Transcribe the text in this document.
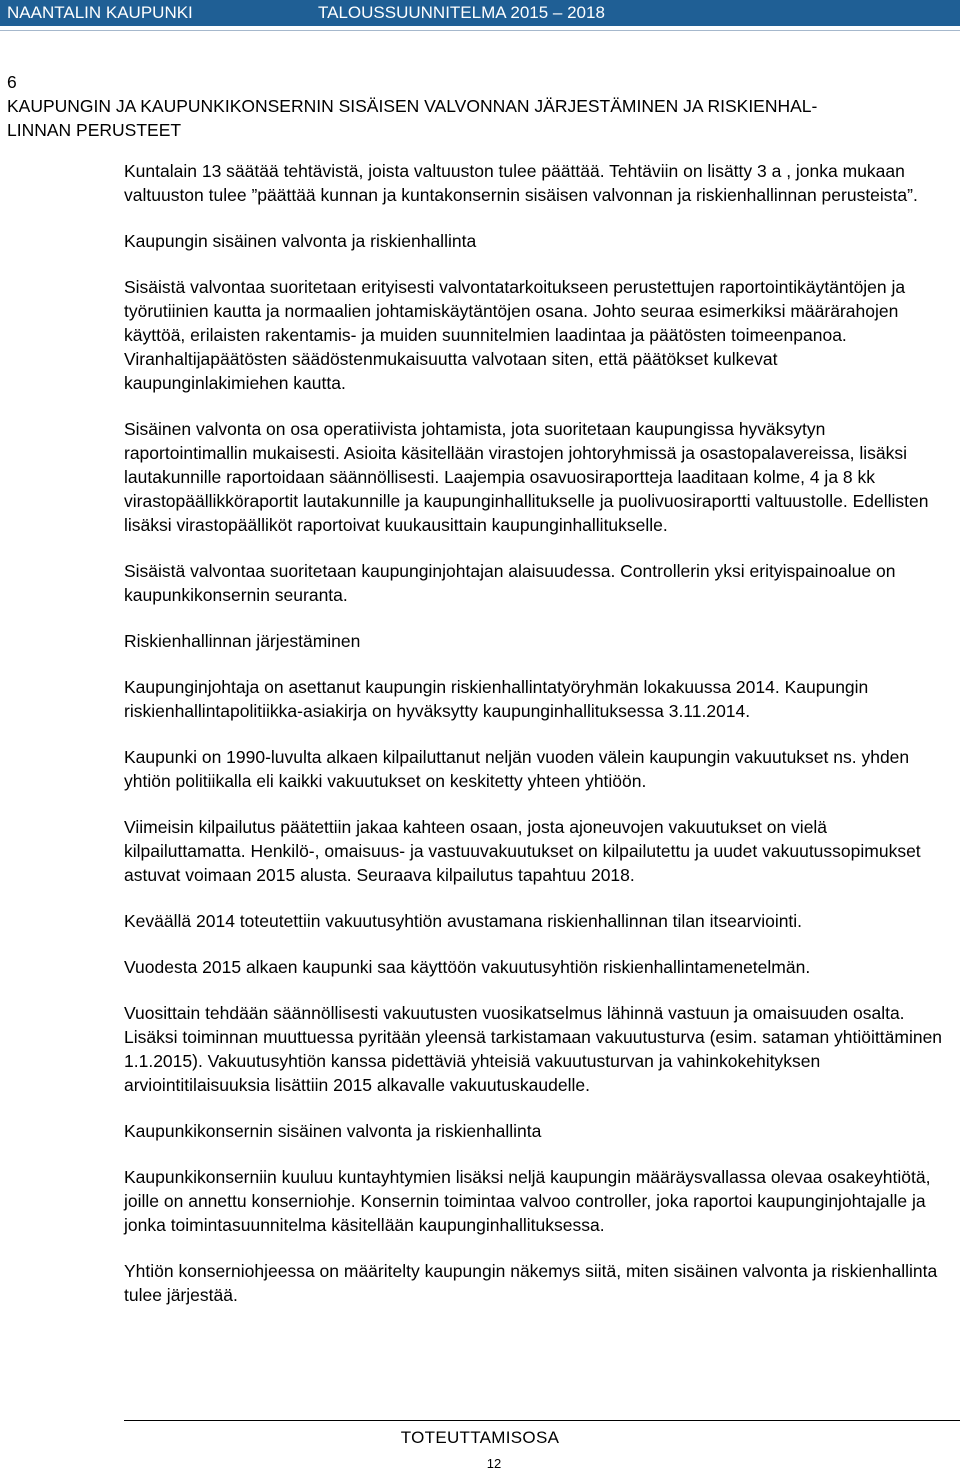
NAANTALIN KAUPUNKI	TALOUSSUUNNITELMA 2015 – 2018
6
KAUPUNGIN JA KAUPUNKIKONSERNIN SISÄISEN VALVONNAN JÄRJESTÄMINEN JA RISKIENHAL-
LINNAN PERUSTEET

Kuntalain 13 säätää tehtävistä, joista valtuuston tulee päättää. Tehtäviin on lisätty 3 a , jonka mukaan valtuuston tulee ”päättää kunnan ja kuntakonsernin sisäisen valvonnan ja riskienhallinnan perusteista”.

Kaupungin sisäinen valvonta ja riskienhallinta

Sisäistä valvontaa suoritetaan erityisesti valvontatarkoitukseen perustettujen raportointikäytäntöjen ja työrutiinien kautta ja normaalien johtamiskäytäntöjen osana. Johto seuraa esimerkiksi määrärahojen käyttöä, erilaisten rakentamis- ja muiden suunnitelmien laadintaa ja päätösten toimeenpanoa. Viranhaltijapäätösten säädöstenmukaisuutta valvotaan siten, että päätökset kulkevat kaupunginlakimiehen kautta.

Sisäinen valvonta on osa operatiivista johtamista, jota suoritetaan kaupungissa hyväksytyn raportointimallin mukaisesti. Asioita käsitellään virastojen johtoryhmissä ja osastopalavereissa, lisäksi lautakunnille raportoidaan säännöllisesti. Laajempia osavuosiraportteja laaditaan kolme, 4 ja 8 kk virastopäällikköraportit lautakunnille ja kaupunginhallitukselle ja puolivuosiraportti valtuustolle. Edellisten lisäksi virastopäälliköt raportoivat kuukausittain kaupunginhallitukselle.

Sisäistä valvontaa suoritetaan kaupunginjohtajan alaisuudessa. Controllerin yksi erityispainoalue on kaupunkikonsernin seuranta.

Riskienhallinnan järjestäminen

Kaupunginjohtaja on asettanut kaupungin riskienhallintatyöryhmän lokakuussa 2014. Kaupungin riskienhallintapolitiikka-asiakirja on hyväksytty kaupunginhallituksessa 3.11.2014.

Kaupunki on 1990-luvulta alkaen kilpailuttanut neljän vuoden välein kaupungin vakuutukset ns. yhden yhtiön politiikalla eli kaikki vakuutukset on keskitetty yhteen yhtiöön.

Viimeisin kilpailutus päätettiin jakaa kahteen osaan, josta ajoneuvojen vakuutukset on vielä kilpailuttamatta. Henkilö-, omaisuus- ja vastuuvakuutukset on kilpailutettu ja uudet vakuutussopimukset astuvat voimaan 2015 alusta. Seuraava kilpailutus tapahtuu 2018.

Keväällä 2014 toteutettiin vakuutusyhtiön avustamana riskienhallinnan tilan itsearviointi.

Vuodesta 2015 alkaen kaupunki saa käyttöön vakuutusyhtiön riskienhallintamenetelmän.

Vuosittain tehdään säännöllisesti vakuutusten vuosikatselmus lähinnä vastuun ja omaisuuden osalta. Lisäksi toiminnan muuttuessa pyritään yleensä tarkistamaan vakuutusturva (esim. sataman yhtiöittäminen 1.1.2015). Vakuutusyhtiön kanssa pidettäviä yhteisiä vakuutusturvan ja vahinkokehityksen arviointitilaisuuksia lisättiin 2015 alkavalle vakuutuskaudelle.

Kaupunkikonsernin sisäinen valvonta ja riskienhallinta

Kaupunkikonserniin kuuluu kuntayhtymien lisäksi neljä kaupungin määräysvallassa olevaa osakeyhtiötä, joille on annettu konserniohje. Konsernin toimintaa valvoo controller, joka raportoi kaupunginjohtajalle ja jonka toimintasuunnitelma käsitellään kaupunginhallituksessa.

Yhtiön konserniohjeessa on määritelty kaupungin näkemys siitä, miten sisäinen valvonta ja riskienhallinta tulee järjestää.

TOTEUTTAMISOSA
12
